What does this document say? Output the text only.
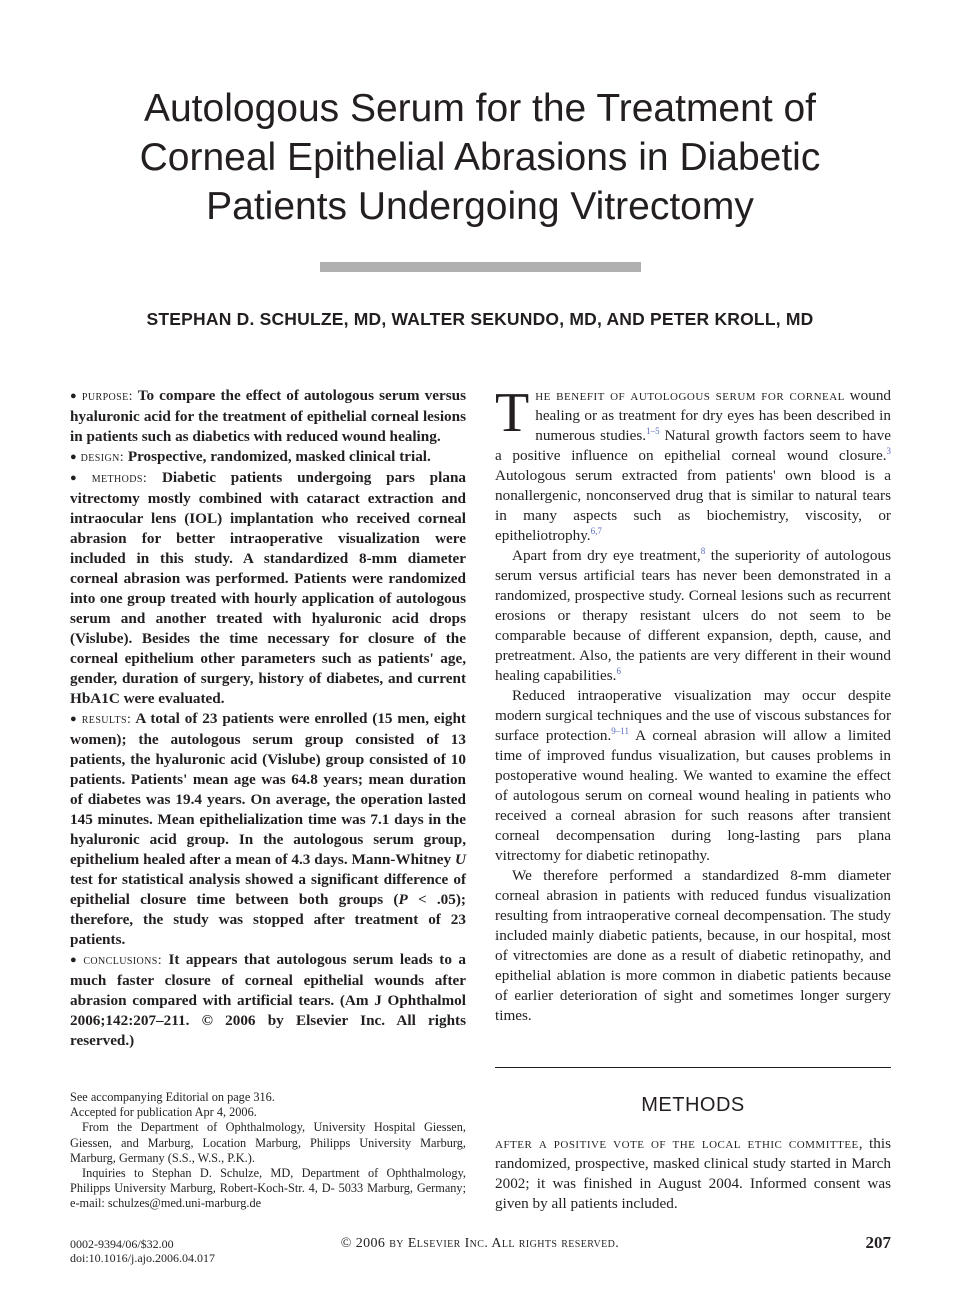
Autologous Serum for the Treatment of Corneal Epithelial Abrasions in Diabetic Patients Undergoing Vitrectomy
STEPHAN D. SCHULZE, MD, WALTER SEKUNDO, MD, AND PETER KROLL, MD

● purpose: To compare the effect of autologous serum versus hyaluronic acid for the treatment of epithelial corneal lesions in patients such as diabetics with reduced wound healing.

● design: Prospective, randomized, masked clinical trial.

● methods: Diabetic patients undergoing pars plana vitrectomy mostly combined with cataract extraction and intraocular lens (IOL) implantation who received corneal abrasion for better intraoperative visualization were included in this study. A standardized 8-mm diameter corneal abrasion was performed. Patients were randomized into one group treated with hourly application of autologous serum and another treated with hyaluronic acid drops (Vislube). Besides the time necessary for closure of the corneal epithelium other parameters such as patients' age, gender, duration of surgery, history of diabetes, and current HbA1C were evaluated.

● results: A total of 23 patients were enrolled (15 men, eight women); the autologous serum group consisted of 13 patients, the hyaluronic acid (Vislube) group consisted of 10 patients. Patients' mean age was 64.8 years; mean duration of diabetes was 19.4 years. On average, the operation lasted 145 minutes. Mean epithelialization time was 7.1 days in the hyaluronic acid group. In the autologous serum group, epithelium healed after a mean of 4.3 days. Mann-Whitney U test for statistical analysis showed a significant difference of epithelial closure time between both groups (P < .05); therefore, the study was stopped after treatment of 23 patients.

● conclusions: It appears that autologous serum leads to a much faster closure of corneal epithelial wounds after abrasion compared with artificial tears. (Am J Ophthalmol 2006;142:207–211. © 2006 by Elsevier Inc. All rights reserved.)

See accompanying Editorial on page 316.

Accepted for publication Apr 4, 2006.

From the Department of Ophthalmology, University Hospital Giessen, Giessen, and Marburg, Location Marburg, Philipps University Marburg, Marburg, Germany (S.S., W.S., P.K.).

Inquiries to Stephan D. Schulze, MD, Department of Ophthalmology, Philipps University Marburg, Robert-Koch-Str. 4, D- 5033 Marburg, Germany; e-mail: schulzes@med.uni-marburg.de

The benefit of autologous serum for corneal wound healing or as treatment for dry eyes has been described in numerous studies.$^{1-5}$ Natural growth factors seem to have a positive influence on epithelial corneal wound closure.$^3$ Autologous serum extracted from patients' own blood is a nonallergenic, nonconserved drug that is similar to natural tears in many aspects such as biochemistry, viscosity, or epitheliotrophy.$^{6,7}$

Apart from dry eye treatment,$^8$ the superiority of autologous serum versus artificial tears has never been demonstrated in a randomized, prospective study. Corneal lesions such as recurrent erosions or therapy resistant ulcers do not seem to be comparable because of different expansion, depth, cause, and pretreatment. Also, the patients are very different in their wound healing capabilities.$^6$

Reduced intraoperative visualization may occur despite modern surgical techniques and the use of viscous substances for surface protection.$^{9-11}$ A corneal abrasion will allow a limited time of improved fundus visualization, but causes problems in postoperative wound healing. We wanted to examine the effect of autologous serum on corneal wound healing in patients who received a corneal abrasion for such reasons after transient corneal decompensation during long-lasting pars plana vitrectomy for diabetic retinopathy.

We therefore performed a standardized 8-mm diameter corneal abrasion in patients with reduced fundus visualization resulting from intraoperative corneal decompensation. The study included mainly diabetic patients, because, in our hospital, most of vitrectomies are done as a result of diabetic retinopathy, and epithelial ablation is more common in diabetic patients because of earlier deterioration of sight and sometimes longer surgery times.

METHODS

after a positive vote of the local ethic committee, this randomized, prospective, masked clinical study started in March 2002; it was finished in August 2004. Informed consent was given by all patients included.

0002-9394/06/$32.00
doi:10.1016/j.ajo.2006.04.017
© 2006 by Elsevier Inc. All rights reserved.	207
